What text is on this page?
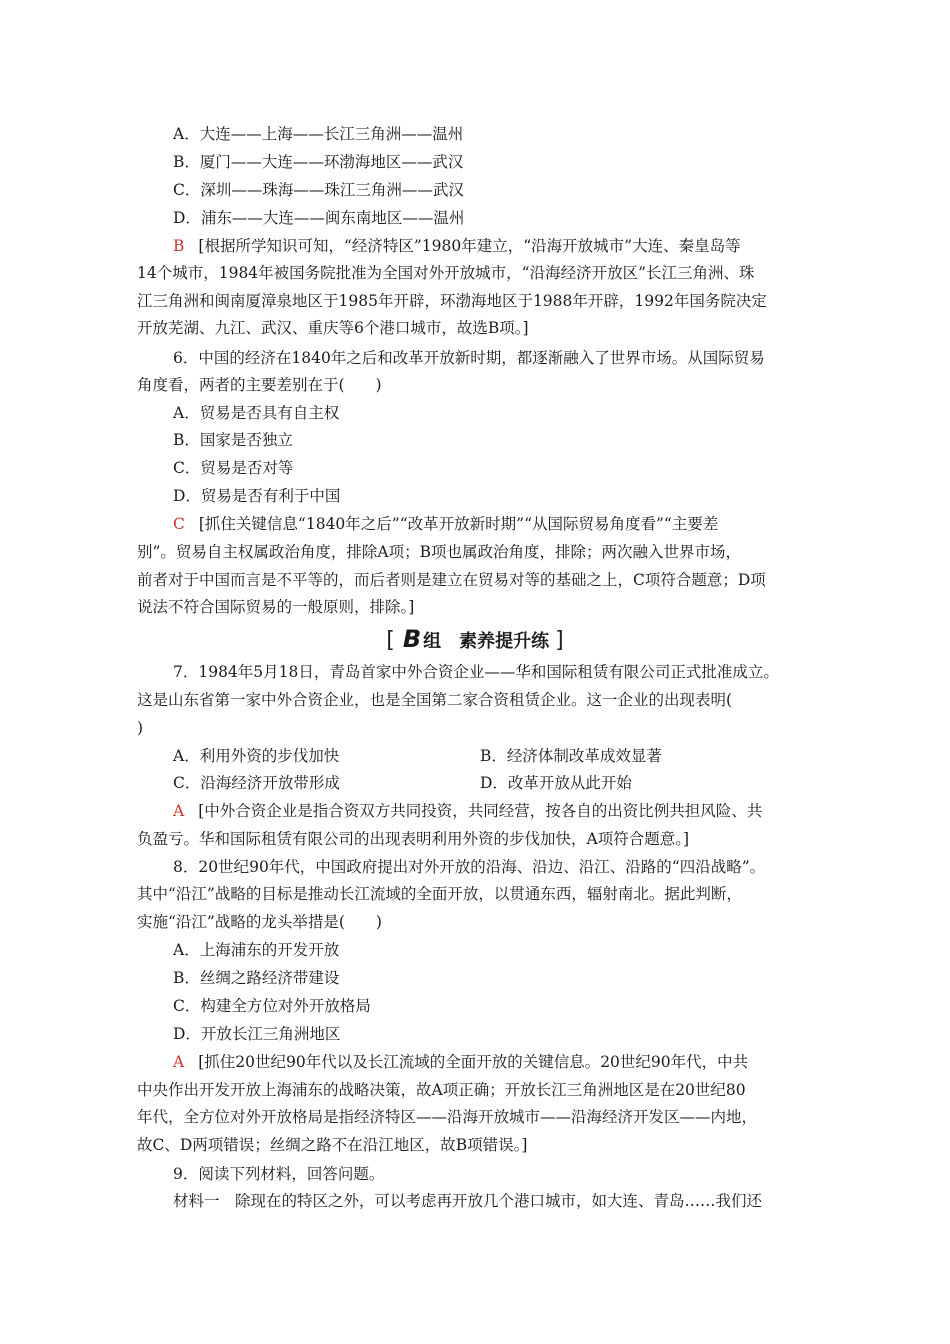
A．大连——上海——长江三角洲——温州
B．厦门——大连——环渤海地区——武汉
C．深圳——珠海——珠江三角洲——武汉
D．浦东——大连——闽东南地区——温州
B [根据所学知识可知，“经济特区”1980年建立，“沿海开放城市”大连、秦皇岛等
14个城市，1984年被国务院批准为全国对外开放城市，“沿海经济开放区”长江三角洲、珠
江三角洲和闽南厦漳泉地区于1985年开辟，环渤海地区于1988年开辟，1992年国务院决定
开放芜湖、九江、武汉、重庆等6个港口城市，故选B项。]
6．中国的经济在1840年之后和改革开放新时期，都逐渐融入了世界市场。从国际贸易
角度看，两者的主要差别在于(　　)
A．贸易是否具有自主权
B．国家是否独立
C．贸易是否对等
D．贸易是否有利于中国
C [抓住关键信息“1840年之后”“改革开放新时期”“从国际贸易角度看”“主要差
别”。贸易自主权属政治角度，排除A项；B项也属政治角度，排除；两次融入世界市场，
前者对于中国而言是不平等的，而后者则是建立在贸易对等的基础之上，C项符合题意；D项
说法不符合国际贸易的一般原则，排除。]
[ B 组　素养提升练 ]
7．1984年5月18日，青岛首家中外合资企业——华和国际租赁有限公司正式批准成立。
这是山东省第一家中外合资企业，也是全国第二家合资租赁企业。这一企业的出现表明(
)
A．利用外资的步伐加快	B．经济体制改革成效显著
C．沿海经济开放带形成	D．改革开放从此开始
A [中外合资企业是指合资双方共同投资，共同经营，按各自的出资比例共担风险、共
负盈亏。华和国际租赁有限公司的出现表明利用外资的步伐加快，A项符合题意。]
8．20世纪90年代，中国政府提出对外开放的沿海、沿边、沿江、沿路的“四沿战略”。
其中“沿江”战略的目标是推动长江流域的全面开放，以贯通东西，辐射南北。据此判断，
实施“沿江”战略的龙头举措是(　　)
A．上海浦东的开发开放
B．丝绸之路经济带建设
C．构建全方位对外开放格局
D．开放长江三角洲地区
A [抓住20世纪90年代以及长江流域的全面开放的关键信息。20世纪90年代，中共
中央作出开发开放上海浦东的战略决策，故A项正确；开放长江三角洲地区是在20世纪80
年代，全方位对外开放格局是指经济特区——沿海开放城市——沿海经济开发区——内地，
故C、D两项错误；丝绸之路不在沿江地区，故B项错误。]
9．阅读下列材料，回答问题。
材料一　除现在的特区之外，可以考虑再开放几个港口城市，如大连、青岛……我们还
